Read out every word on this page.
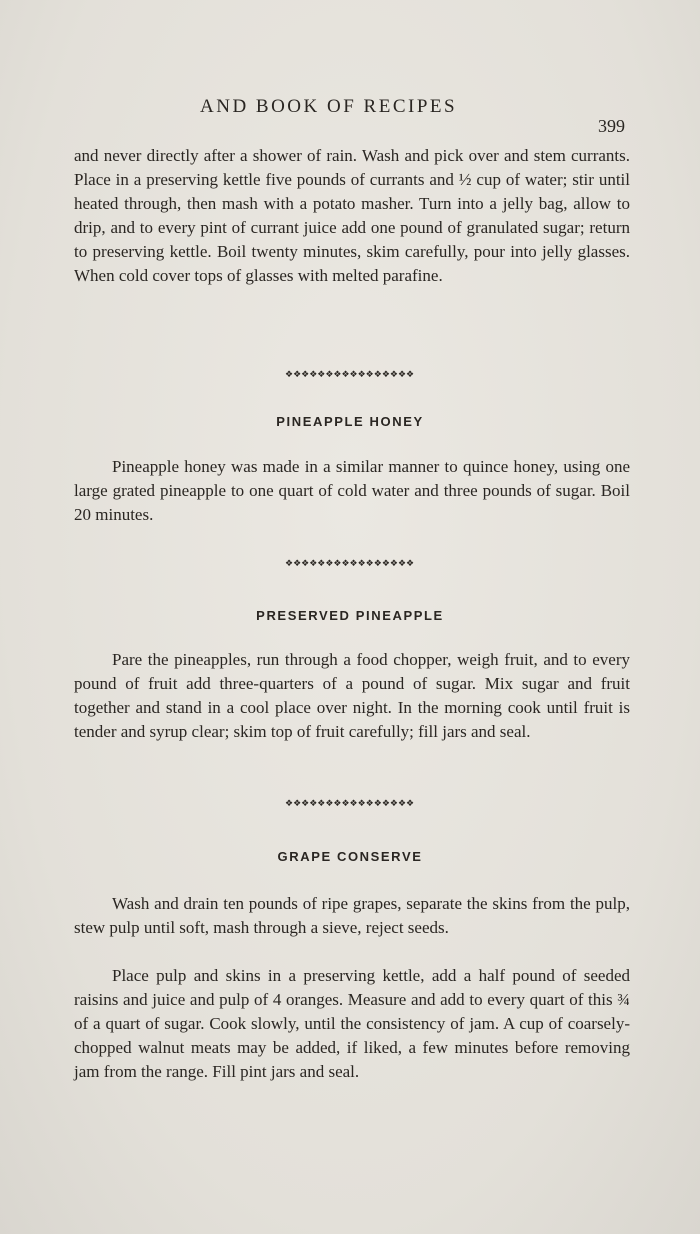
AND BOOK OF RECIPES
399

and never directly after a shower of rain. Wash and pick over and stem currants. Place in a preserving kettle five pounds of currants and ½ cup of water; stir until heated through, then mash with a potato masher. Turn into a jelly bag, allow to drip, and to every pint of currant juice add one pound of granulated sugar; return to preserving kettle. Boil twenty minutes, skim carefully, pour into jelly glasses. When cold cover tops of glasses with melted parafine.

❖❖❖❖❖❖❖❖❖❖❖❖❖❖❖❖
PINEAPPLE HONEY

Pineapple honey was made in a similar manner to quince honey, using one large grated pineapple to one quart of cold water and three pounds of sugar. Boil 20 minutes.

❖❖❖❖❖❖❖❖❖❖❖❖❖❖❖❖
PRESERVED PINEAPPLE

Pare the pineapples, run through a food chopper, weigh fruit, and to every pound of fruit add three-quarters of a pound of sugar. Mix sugar and fruit together and stand in a cool place over night. In the morning cook until fruit is tender and syrup clear; skim top of fruit carefully; fill jars and seal.

❖❖❖❖❖❖❖❖❖❖❖❖❖❖❖❖
GRAPE CONSERVE

Wash and drain ten pounds of ripe grapes, separate the skins from the pulp, stew pulp until soft, mash through a sieve, reject seeds.

Place pulp and skins in a preserving kettle, add a half pound of seeded raisins and juice and pulp of 4 oranges. Measure and add to every quart of this ¾ of a quart of sugar. Cook slowly, until the consistency of jam. A cup of coarsely-chopped walnut meats may be added, if liked, a few minutes before removing jam from the range. Fill pint jars and seal.
